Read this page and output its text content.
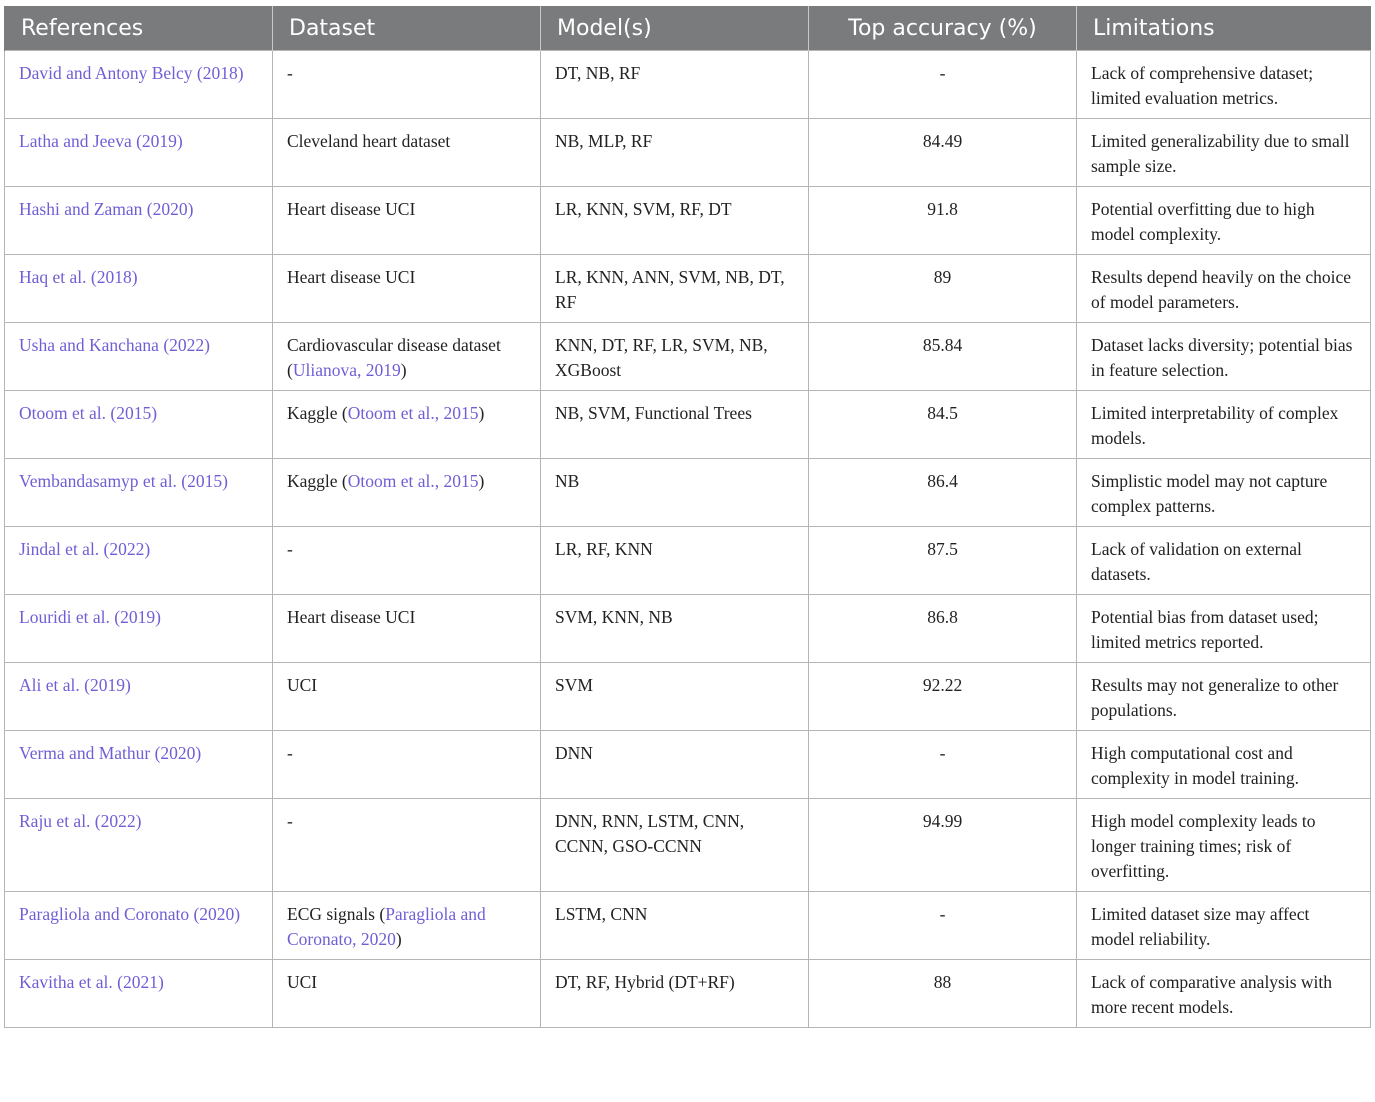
References	Dataset	Model(s)	Top accuracy (%)	Limitations
David and Antony Belcy (2018)	-	DT, NB, RF	-	Lack of comprehensive dataset; limited evaluation metrics.
Latha and Jeeva (2019)	Cleveland heart dataset	NB, MLP, RF	84.49	Limited generalizability due to small sample size.
Hashi and Zaman (2020)	Heart disease UCI	LR, KNN, SVM, RF, DT	91.8	Potential overfitting due to high model complexity.
Haq et al. (2018)	Heart disease UCI	LR, KNN, ANN, SVM, NB, DT, RF	89	Results depend heavily on the choice of model parameters.
Usha and Kanchana (2022)	Cardiovascular disease dataset (Ulianova, 2019)	KNN, DT, RF, LR, SVM, NB, XGBoost	85.84	Dataset lacks diversity; potential bias in feature selection.
Otoom et al. (2015)	Kaggle (Otoom et al., 2015)	NB, SVM, Functional Trees	84.5	Limited interpretability of complex models.
Vembandasamyp et al. (2015)	Kaggle (Otoom et al., 2015)	NB	86.4	Simplistic model may not capture complex patterns.
Jindal et al. (2022)	-	LR, RF, KNN	87.5	Lack of validation on external datasets.
Louridi et al. (2019)	Heart disease UCI	SVM, KNN, NB	86.8	Potential bias from dataset used; limited metrics reported.
Ali et al. (2019)	UCI	SVM	92.22	Results may not generalize to other populations.
Verma and Mathur (2020)	-	DNN	-	High computational cost and complexity in model training.
Raju et al. (2022)	-	DNN, RNN, LSTM, CNN, CCNN, GSO-CCNN	94.99	High model complexity leads to longer training times; risk of overfitting.
Paragliola and Coronato (2020)	ECG signals (Paragliola and Coronato, 2020)	LSTM, CNN	-	Limited dataset size may affect model reliability.
Kavitha et al. (2021)	UCI	DT, RF, Hybrid (DT+RF)	88	Lack of comparative analysis with more recent models.
